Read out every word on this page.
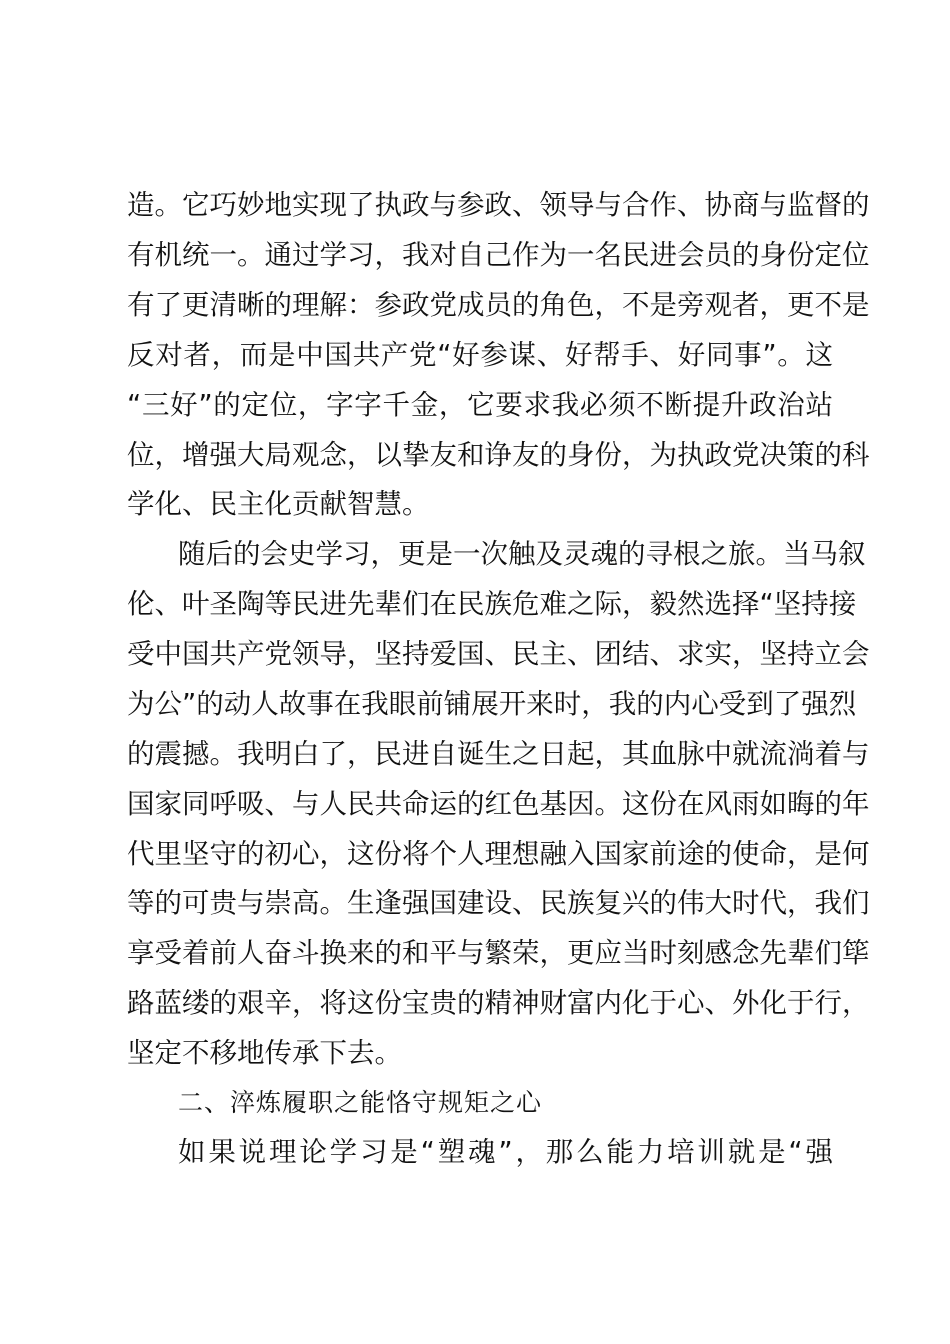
造。它巧妙地实现了执政与参政、领导与合作、协商与监督的
有机统一。通过学习，我对自己作为一名民进会员的身份定位
有了更清晰的理解：参政党成员的角色，不是旁观者，更不是
反对者，而是中国共产党“好参谋、好帮手、好同事”。这
“三好”的定位，字字千金，它要求我必须不断提升政治站
位，增强大局观念，以挚友和诤友的身份，为执政党决策的科
学化、民主化贡献智慧。
随后的会史学习，更是一次触及灵魂的寻根之旅。当马叙
伦、叶圣陶等民进先辈们在民族危难之际，毅然选择“坚持接
受中国共产党领导，坚持爱国、民主、团结、求实，坚持立会
为公”的动人故事在我眼前铺展开来时，我的内心受到了强烈
的震撼。我明白了，民进自诞生之日起，其血脉中就流淌着与
国家同呼吸、与人民共命运的红色基因。这份在风雨如晦的年
代里坚守的初心，这份将个人理想融入国家前途的使命，是何
等的可贵与崇高。生逢强国建设、民族复兴的伟大时代，我们
享受着前人奋斗换来的和平与繁荣，更应当时刻感念先辈们筚
路蓝缕的艰辛，将这份宝贵的精神财富内化于心、外化于行，
坚定不移地传承下去。
二、淬炼履职之能恪守规矩之心
如果说理论学习是“塑魂”，那么能力培训就是“强
